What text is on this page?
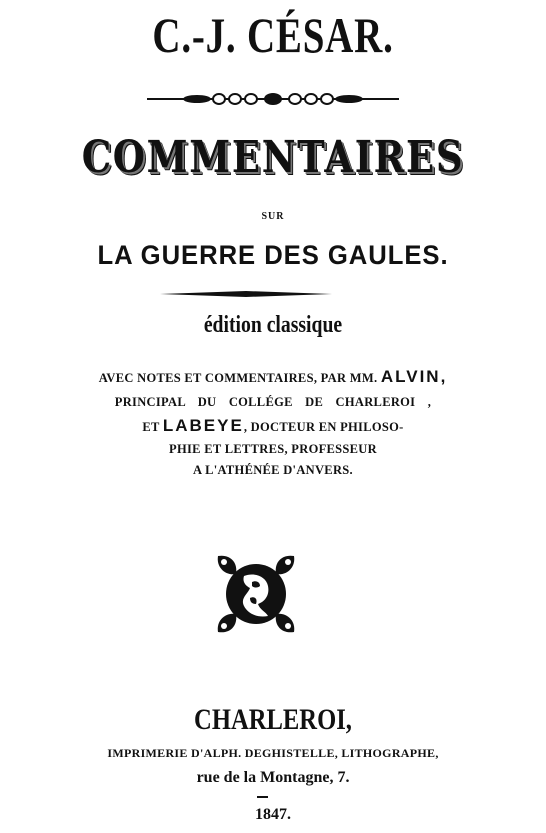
C.-J. CÉSAR.
COMMENTAIRES
SUR
LA GUERRE DES GAULES.
édition classique
AVEC NOTES ET COMMENTAIRES, PAR MM. ALVIN,
PRINCIPAL DU COLLÉGE DE CHARLEROI ,
ET LABEYE, DOCTEUR EN PHILOSO-
PHIE ET LETTRES, PROFESSEUR
A L'ATHÉNÉE D'ANVERS.
CHARLEROI,
IMPRIMERIE D'ALPH. DEGHISTELLE, LITHOGRAPHE,
rue de la Montagne, 7.
1847.
